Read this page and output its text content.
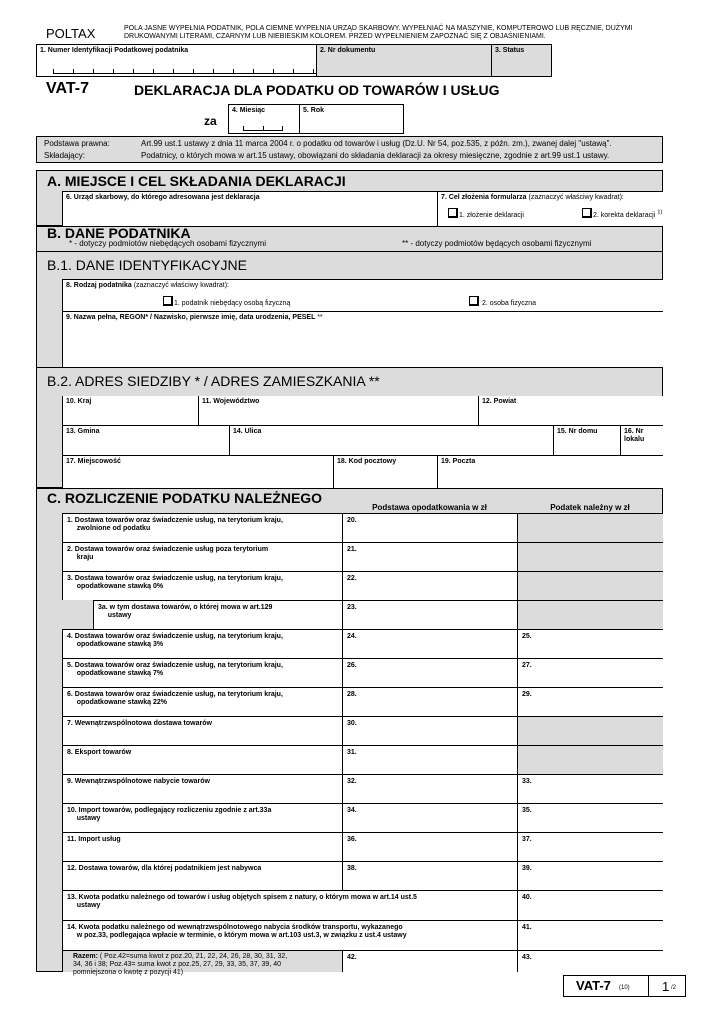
POLTAX	POLA JASNE WYPEŁNIA PODATNIK, POLA CIEMNE WYPEŁNIA URZĄD SKARBOWY. WYPEŁNIAĆ NA MASZYNIE, KOMPUTEROWO LUB RĘCZNIE, DUŻYMI DRUKOWANYMI LITERAMI, CZARNYM LUB NIEBIESKIM KOLOREM. PRZED WYPEŁNIENIEM ZAPOZNAĆ SIĘ Z OBJAŚNIENIAMI.
1. Numer Identyfikacji Podatkowej podatnika	2. Nr dokumentu	3. Status
VAT-7	DEKLARACJA DLA PODATKU OD TOWARÓW I USŁUG
za
4. Miesiąc	5. Rok
Podstawa prawna:	Art.99 ust.1 ustawy z dnia 11 marca 2004 r. o podatku od towarów i usług (Dz.U. Nr 54, poz.535, z późn. zm.), zwanej dalej "ustawą".
Składający:	Podatnicy, o których mowa w art.15 ustawy, obowiązani do składania deklaracji za okresy miesięczne, zgodnie z art.99 ust.1 ustawy.
A. MIEJSCE I CEL SKŁADANIA DEKLARACJI
6. Urząd skarbowy, do którego adresowana jest deklaracja	7. Cel złożenia formularza (zaznaczyć właściwy kwadrat):
1. złożenie deklaracji	2. korekta deklaracji $^{1)}$
B. DANE PODATNIKA
* - dotyczy podmiotów niebędących osobami fizycznymi	** - dotyczy podmiotów będących osobami fizycznymi
B.1. DANE IDENTYFIKACYJNE
8. Rodzaj podatnika (zaznaczyć właściwy kwadrat):
1. podatnik niebędący osobą fizyczną	2. osoba fizyczna
9. Nazwa pełna, REGON* / Nazwisko, pierwsze imię, data urodzenia, PESEL **
B.2. ADRES SIEDZIBY * / ADRES ZAMIESZKANIA **
10. Kraj	11. Województwo	12. Powiat
13. Gmina	14. Ulica	15. Nr domu	16. Nr lokalu
17. Miejscowość	18. Kod pocztowy	19. Poczta
C. ROZLICZENIE PODATKU NALEŻNEGO
Podstawa opodatkowania w zł	Podatek należny w zł
1. Dostawa towarów oraz świadczenie usług, na terytorium kraju,
zwolnione od podatku
20.
2. Dostawa towarów oraz świadczenie usług poza terytorium
kraju
21.
3. Dostawa towarów oraz świadczenie usług, na terytorium kraju,
opodatkowane stawką 0%
22.
3a. w tym dostawa towarów, o której mowa w art.129
ustawy
23.
4. Dostawa towarów oraz świadczenie usług, na terytorium kraju,
opodatkowane stawką 3%
24.	25.
5. Dostawa towarów oraz świadczenie usług, na terytorium kraju,
opodatkowane stawką 7%
26.	27.
6. Dostawa towarów oraz świadczenie usług, na terytorium kraju,
opodatkowane stawką 22%
28.	29.
7. Wewnątrzwspólnotowa dostawa towarów	30.
8. Eksport towarów	31.
9. Wewnątrzwspólnotowe nabycie towarów	32.	33.
10. Import towarów, podlegający rozliczeniu zgodnie z art.33a
ustawy
34.	35.
11. Import usług	36.	37.
12. Dostawa towarów, dla której podatnikiem jest nabywca	38.	39.
13. Kwota podatku należnego od towarów i usług objętych spisem z natury, o którym mowa w art.14 ust.5
ustawy
40.
14. Kwota podatku należnego od wewnątrzwspólnotowego nabycia środków transportu, wykazanego
w poz.33, podlegająca wpłacie w terminie, o którym mowa w art.103 ust.3, w związku z ust.4 ustawy
41.
Razem: ( Poz.42=suma kwot z poz.20, 21, 22, 24, 26, 28, 30, 31, 32,
34, 36 i 38; Poz.43= suma kwot z poz.25, 27, 29, 33, 35, 37, 39, 40
pomniejszona o kwotę z pozycji 41)
42.	43.
VAT-7 (10) 1 /2
